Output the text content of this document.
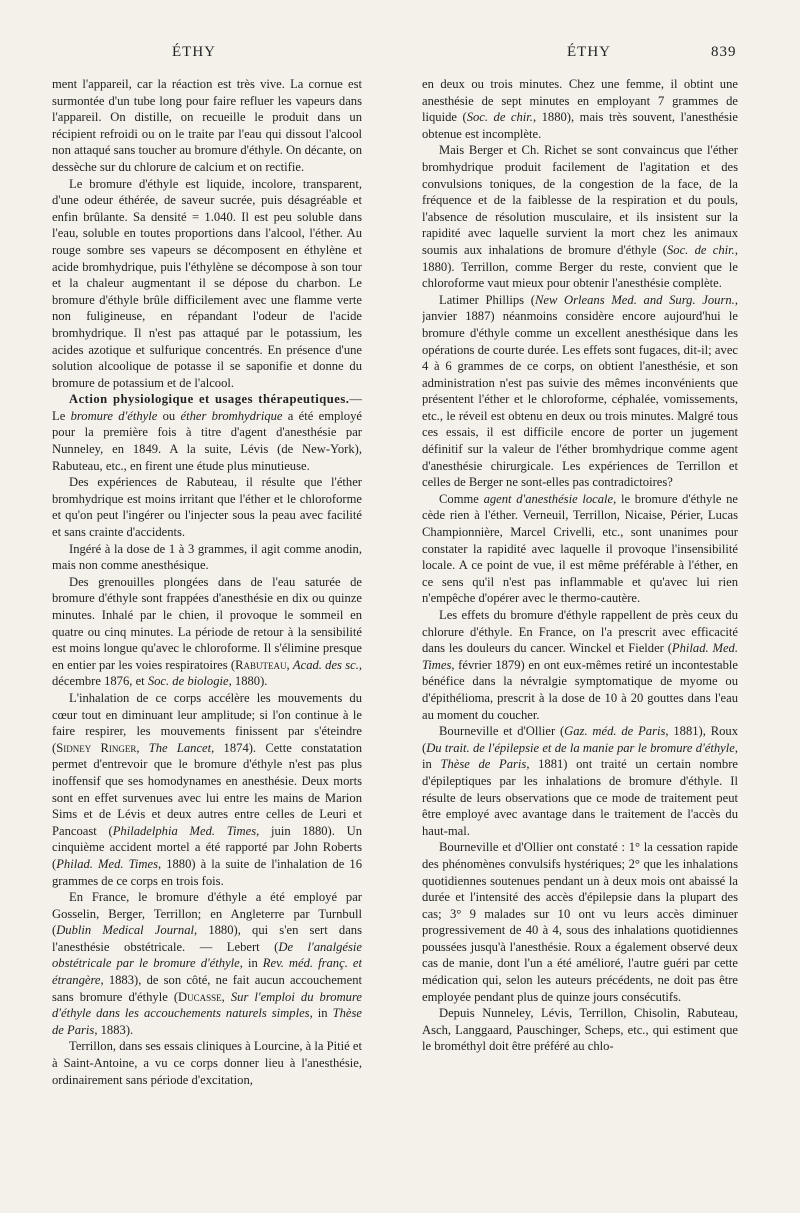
ÉTHY	ÉTHY	839

ment l'appareil, car la réaction est très vive. La cornue est surmontée d'un tube long pour faire refluer les vapeurs dans l'appareil. On distille, on recueille le produit dans un récipient refroidi ou on le traite par l'eau qui dissout l'alcool non attaqué sans toucher au bromure d'éthyle. On décante, on dessèche sur du chlorure de calcium et on rectifie.

Le bromure d'éthyle est liquide, incolore, transparent, d'une odeur éthérée, de saveur sucrée, puis désagréable et enfin brûlante. Sa densité = 1.040. Il est peu soluble dans l'eau, soluble en toutes proportions dans l'alcool, l'éther. Au rouge sombre ses vapeurs se décomposent en éthylène et acide bromhydrique, puis l'éthylène se décompose à son tour et la chaleur augmentant il se dépose du charbon. Le bromure d'éthyle brûle difficilement avec une flamme verte non fuligineuse, en répandant l'odeur de l'acide bromhydrique. Il n'est pas attaqué par le potassium, les acides azotique et sulfurique concentrés. En présence d'une solution alcoolique de potasse il se saponifie et donne du bromure de potassium et de l'alcool.

Action physiologique et usages thérapeutiques.— Le bromure d'éthyle ou éther bromhydrique a été employé pour la première fois à titre d'agent d'anesthésie par Nunneley, en 1849. A la suite, Lévis (de New-York), Rabuteau, etc., en firent une étude plus minutieuse.

Des expériences de Rabuteau, il résulte que l'éther bromhydrique est moins irritant que l'éther et le chloroforme et qu'on peut l'ingérer ou l'injecter sous la peau avec facilité et sans crainte d'accidents.

Ingéré à la dose de 1 à 3 grammes, il agit comme anodin, mais non comme anesthésique.

Des grenouilles plongées dans de l'eau saturée de bromure d'éthyle sont frappées d'anesthésie en dix ou quinze minutes. Inhalé par le chien, il provoque le sommeil en quatre ou cinq minutes. La période de retour à la sensibilité est moins longue qu'avec le chloroforme. Il s'élimine presque en entier par les voies respiratoires (Rabuteau, Acad. des sc., décembre 1876, et Soc. de biologie, 1880).

L'inhalation de ce corps accélère les mouvements du cœur tout en diminuant leur amplitude; si l'on continue à le faire respirer, les mouvements finissent par s'éteindre (Sidney Ringer, The Lancet, 1874). Cette constatation permet d'entrevoir que le bromure d'éthyle n'est pas plus inoffensif que ses homodynames en anesthésie. Deux morts sont en effet survenues avec lui entre les mains de Marion Sims et de Lévis et deux autres entre celles de Leuri et Pancoast (Philadelphia Med. Times, juin 1880). Un cinquième accident mortel a été rapporté par John Roberts (Philad. Med. Times, 1880) à la suite de l'inhalation de 16 grammes de ce corps en trois fois.

En France, le bromure d'éthyle a été employé par Gosselin, Berger, Terrillon; en Angleterre par Turnbull (Dublin Medical Journal, 1880), qui s'en sert dans l'anesthésie obstétricale. — Lebert (De l'analgésie obstétricale par le bromure d'éthyle, in Rev. méd. franç. et étrangère, 1883), de son côté, ne fait aucun accouchement sans bromure d'éthyle (Ducasse, Sur l'emploi du bromure d'éthyle dans les accouchements naturels simples, in Thèse de Paris, 1883).

Terrillon, dans ses essais cliniques à Lourcine, à la Pitié et à Saint-Antoine, a vu ce corps donner lieu à l'anesthésie, ordinairement sans période d'excitation,

en deux ou trois minutes. Chez une femme, il obtint une anesthésie de sept minutes en employant 7 grammes de liquide (Soc. de chir., 1880), mais très souvent, l'anesthésie obtenue est incomplète.

Mais Berger et Ch. Richet se sont convaincus que l'éther bromhydrique produit facilement de l'agitation et des convulsions toniques, de la congestion de la face, de la fréquence et de la faiblesse de la respiration et du pouls, l'absence de résolution musculaire, et ils insistent sur la rapidité avec laquelle survient la mort chez les animaux soumis aux inhalations de bromure d'éthyle (Soc. de chir., 1880). Terrillon, comme Berger du reste, convient que le chloroforme vaut mieux pour obtenir l'anesthésie complète.

Latimer Phillips (New Orleans Med. and Surg. Journ., janvier 1887) néanmoins considère encore aujourd'hui le bromure d'éthyle comme un excellent anesthésique dans les opérations de courte durée. Les effets sont fugaces, dit-il; avec 4 à 6 grammes de ce corps, on obtient l'anesthésie, et son administration n'est pas suivie des mêmes inconvénients que présentent l'éther et le chloroforme, céphalée, vomissements, etc., le réveil est obtenu en deux ou trois minutes. Malgré tous ces essais, il est difficile encore de porter un jugement définitif sur la valeur de l'éther bromhydrique comme agent d'anesthésie chirurgicale. Les expériences de Terrillon et celles de Berger ne sont-elles pas contradictoires?

Comme agent d'anesthésie locale, le bromure d'éthyle ne cède rien à l'éther. Verneuil, Terrillon, Nicaise, Périer, Lucas Championnière, Marcel Crivelli, etc., sont unanimes pour constater la rapidité avec laquelle il provoque l'insensibilité locale. A ce point de vue, il est même préférable à l'éther, en ce sens qu'il n'est pas inflammable et qu'avec lui rien n'empêche d'opérer avec le thermo-cautère.

Les effets du bromure d'éthyle rappellent de près ceux du chlorure d'éthyle. En France, on l'a prescrit avec efficacité dans les douleurs du cancer. Winckel et Fielder (Philad. Med. Times, février 1879) en ont eux-mêmes retiré un incontestable bénéfice dans la névralgie symptomatique de myome ou d'épithélioma, prescrit à la dose de 10 à 20 gouttes dans l'eau au moment du coucher.

Bourneville et d'Ollier (Gaz. méd. de Paris, 1881), Roux (Du trait. de l'épilepsie et de la manie par le bromure d'éthyle, in Thèse de Paris, 1881) ont traité un certain nombre d'épileptiques par les inhalations de bromure d'éthyle. Il résulte de leurs observations que ce mode de traitement peut être employé avec avantage dans le traitement de l'accès du haut-mal.

Bourneville et d'Ollier ont constaté : 1° la cessation rapide des phénomènes convulsifs hystériques; 2° que les inhalations quotidiennes soutenues pendant un à deux mois ont abaissé la durée et l'intensité des accès d'épilepsie dans la plupart des cas; 3° 9 malades sur 10 ont vu leurs accès diminuer progressivement de 40 à 4, sous des inhalations quotidiennes poussées jusqu'à l'anesthésie. Roux a également observé deux cas de manie, dont l'un a été amélioré, l'autre guéri par cette médication qui, selon les auteurs précédents, ne doit pas être employée pendant plus de quinze jours consécutifs.

Depuis Nunneley, Lévis, Terrillon, Chisolin, Rabuteau, Asch, Langgaard, Pauschinger, Scheps, etc., qui estiment que le brométhyl doit être préféré au chlo-
